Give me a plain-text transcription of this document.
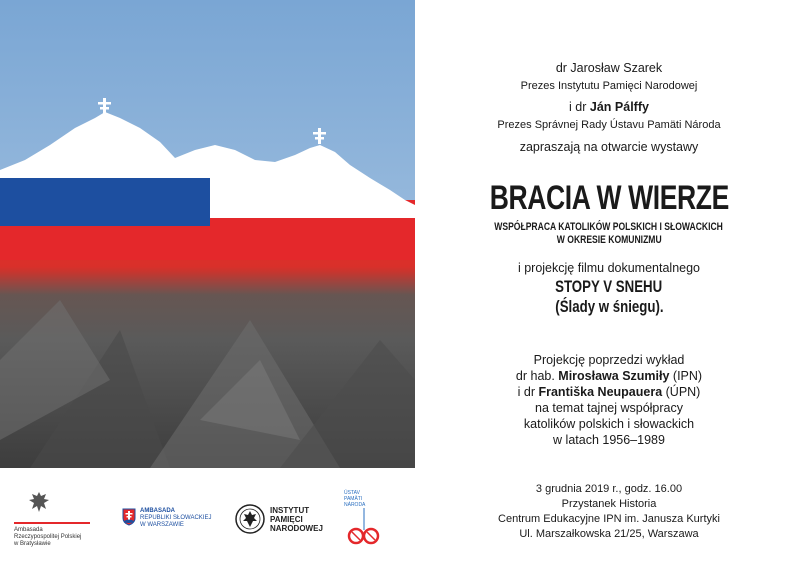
dr Jarosław Szarek
Prezes Instytutu Pamięci Narodowej
i dr Ján Pálffy
Prezes Správnej Rady Ústavu Pamäti Národa
zapraszają na otwarcie wystawy
BRACIA W WIERZE
WSPÓŁPRACA KATOLIKÓW POLSKICH I SŁOWACKICH
W OKRESIE KOMUNIZMU
i projekcję filmu dokumentalnego
STOPY V SNEHU
(Ślady w śniegu).
Projekcję poprzedzi wykład
dr hab. Mirosława Szumiły (IPN)
i dr Františka Neupauera (ÚPN)
na temat tajnej współpracy
katolików polskich i słowackich
w latach 1956–1989
3 grudnia 2019 r., godz. 16.00
Przystanek Historia
Centrum Edukacyjne IPN im. Janusza Kurtyki
Ul. Marszałkowska 21/25, Warszawa
Ambasada
Rzeczypospolitej Polskiej
w Bratysławie
AMBASADA
REPUBLIKI SŁOWACKIEJ
W WARSZAWIE
INSTYTUT
PAMIĘCI
NARODOWEJ
ÚSTAV
PAMÄTI
NÁRODA
